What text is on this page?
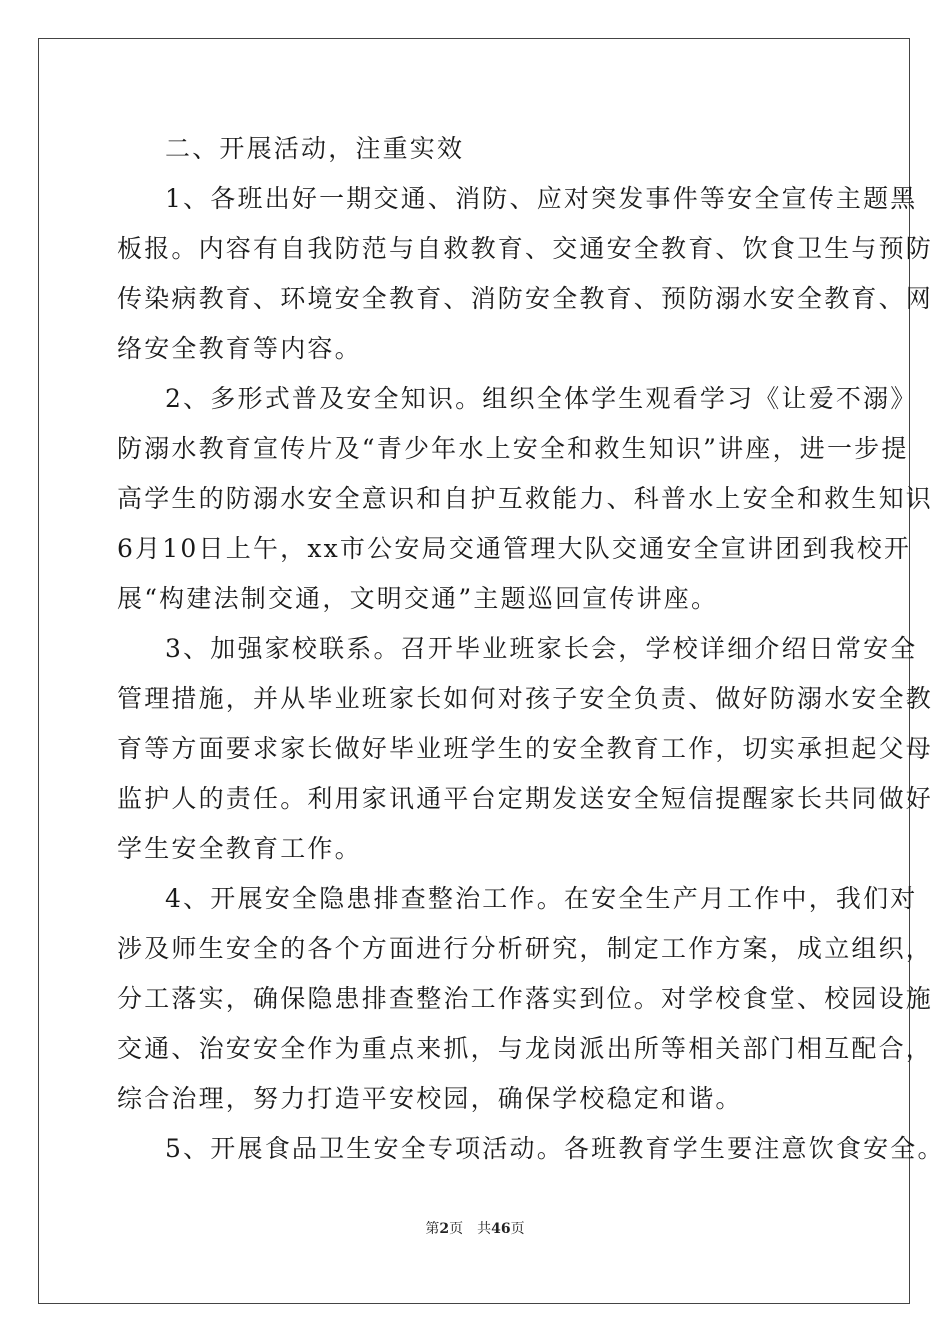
二、开展活动，注重实效
1、各班出好一期交通、消防、应对突发事件等安全宣传主题黑
板报。内容有自我防范与自救教育、交通安全教育、饮食卫生与预防
传染病教育、环境安全教育、消防安全教育、预防溺水安全教育、网
络安全教育等内容。
2、多形式普及安全知识。组织全体学生观看学习《让爱不溺》
防溺水教育宣传片及“青少年水上安全和救生知识”讲座，进一步提
高学生的防溺水安全意识和自护互救能力、科普水上安全和救生知识
6月10日上午，xx市公安局交通管理大队交通安全宣讲团到我校开
展“构建法制交通，文明交通”主题巡回宣传讲座。
3、加强家校联系。召开毕业班家长会，学校详细介绍日常安全
管理措施，并从毕业班家长如何对孩子安全负责、做好防溺水安全教
育等方面要求家长做好毕业班学生的安全教育工作，切实承担起父母
监护人的责任。利用家讯通平台定期发送安全短信提醒家长共同做好
学生安全教育工作。
4、开展安全隐患排查整治工作。在安全生产月工作中，我们对
涉及师生安全的各个方面进行分析研究，制定工作方案，成立组织，
分工落实，确保隐患排查整治工作落实到位。对学校食堂、校园设施
交通、治安安全作为重点来抓，与龙岗派出所等相关部门相互配合，
综合治理，努力打造平安校园，确保学校稳定和谐。
5、开展食品卫生安全专项活动。各班教育学生要注意饮食安全。
第2页 共46页
